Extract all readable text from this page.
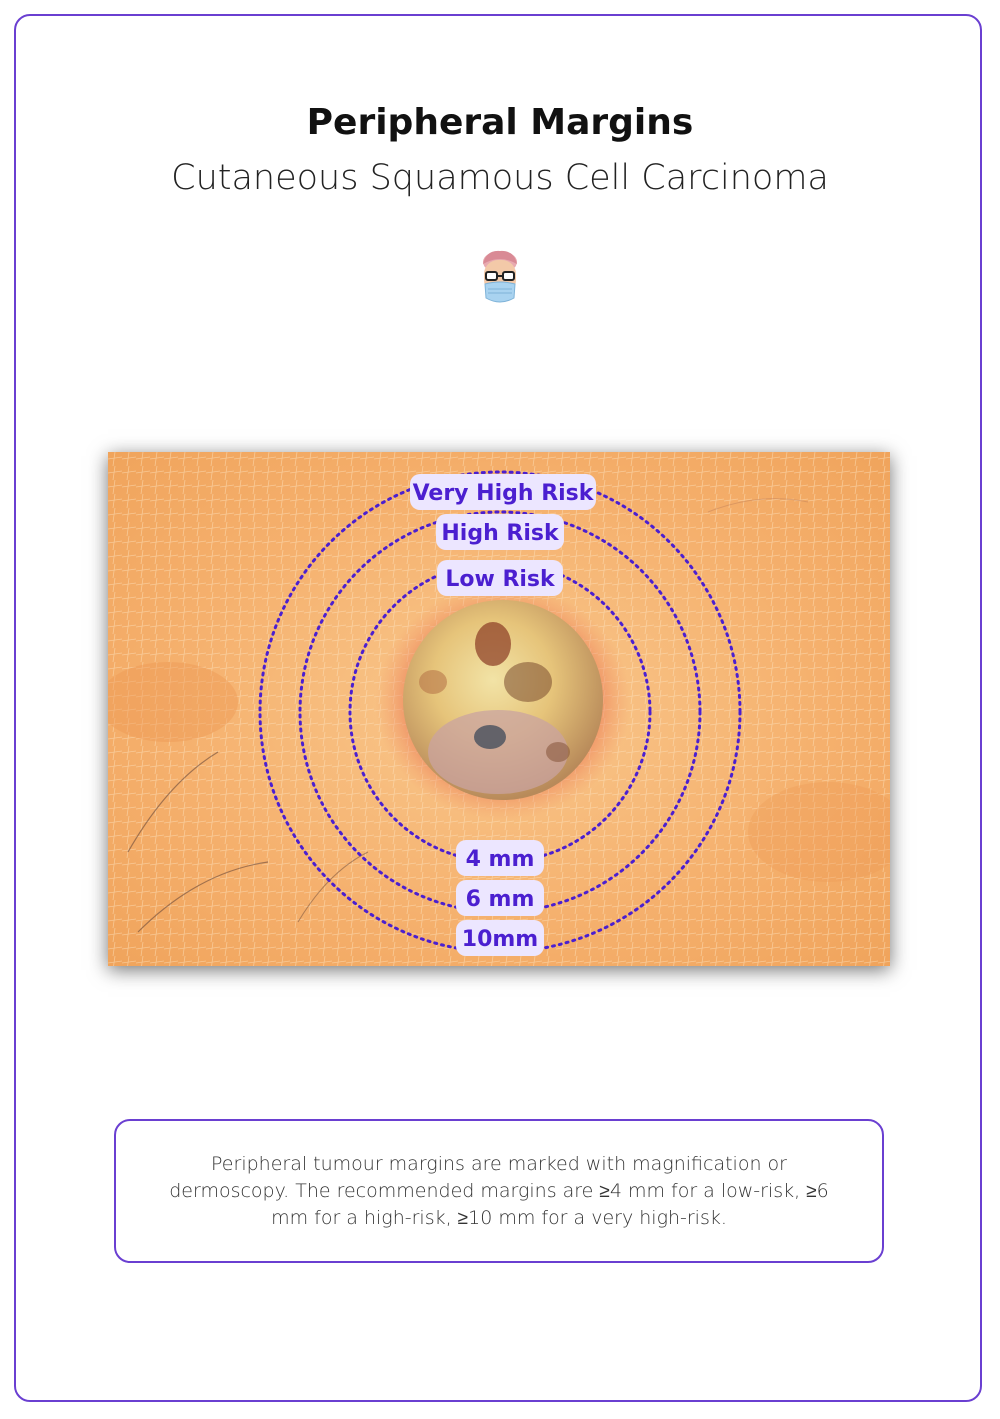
Peripheral Margins
Cutaneous Squamous Cell Carcinoma
Very High Risk
High Risk
Low Risk
4 mm
6 mm
10mm
Peripheral tumour margins are marked with magnification or dermoscopy. The recommended margins are ≥4 mm for a low-risk, ≥6 mm for a high-risk, ≥10 mm for a very high-risk.
